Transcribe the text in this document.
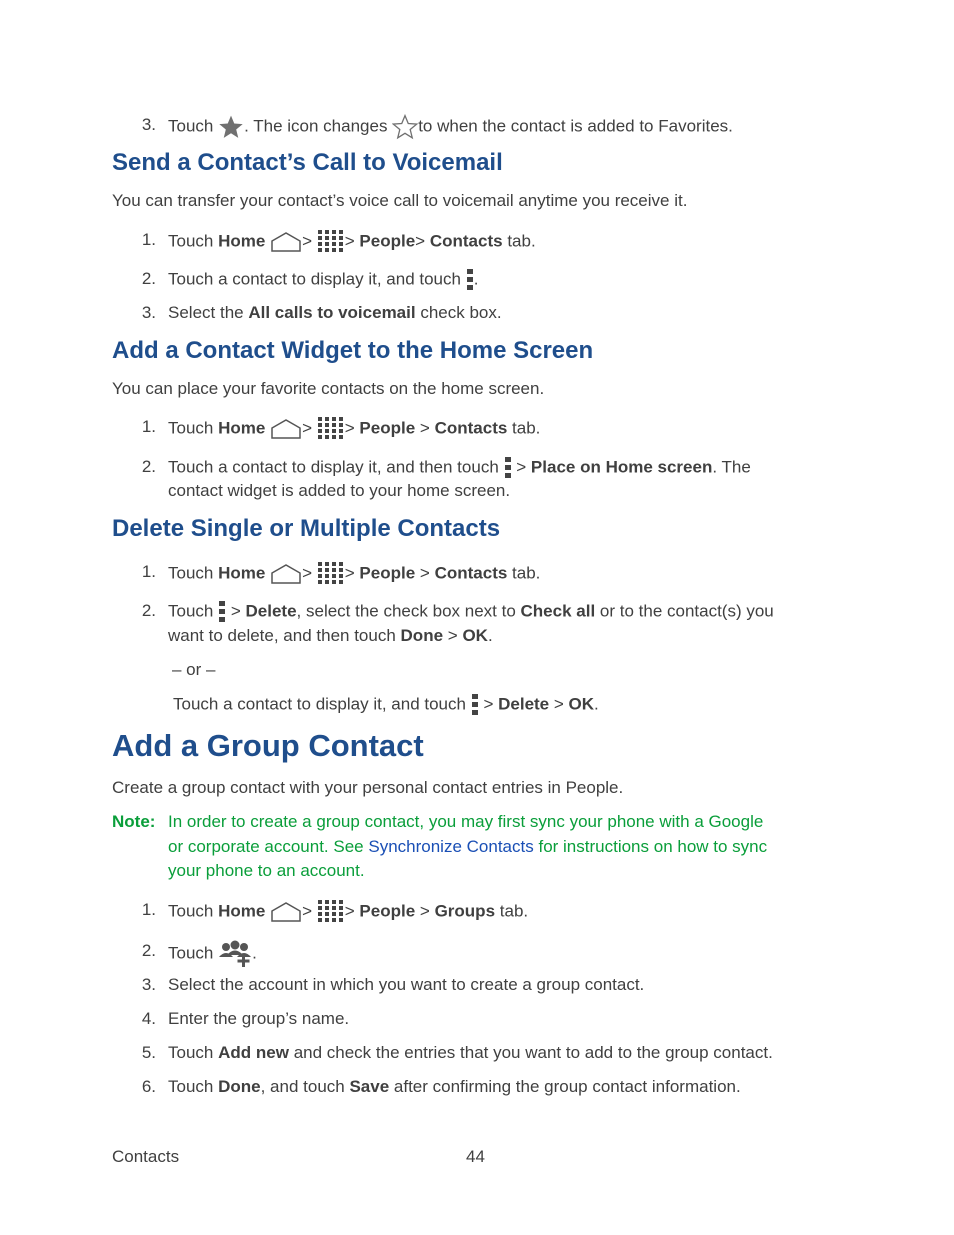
3. Touch . The icon changes to when the contact is added to Favorites.
Send a Contact’s Call to Voicemail
You can transfer your contact’s voice call to voicemail anytime you receive it.
1. Touch Home > > People> Contacts tab.
2. Touch a contact to display it, and touch .
3. Select the All calls to voicemail check box.
Add a Contact Widget to the Home Screen
You can place your favorite contacts on the home screen.
1. Touch Home > > People > Contacts tab.
2. Touch a contact to display it, and then touch > Place on Home screen. The
contact widget is added to your home screen.
Delete Single or Multiple Contacts
1. Touch Home > > People > Contacts tab.
2. Touch > Delete, select the check box next to Check all or to the contact(s) you
want to delete, and then touch Done > OK.
– or –
Touch a contact to display it, and touch > Delete > OK.
Add a Group Contact
Create a group contact with your personal contact entries in People.
Note: In order to create a group contact, you may first sync your phone with a Google
or corporate account. See Synchronize Contacts for instructions on how to sync
your phone to an account.
1. Touch Home > > People > Groups tab.
2. Touch .
3. Select the account in which you want to create a group contact.
4. Enter the group’s name.
5. Touch Add new and check the entries that you want to add to the group contact.
6. Touch Done, and touch Save after confirming the group contact information.
Contacts	44
